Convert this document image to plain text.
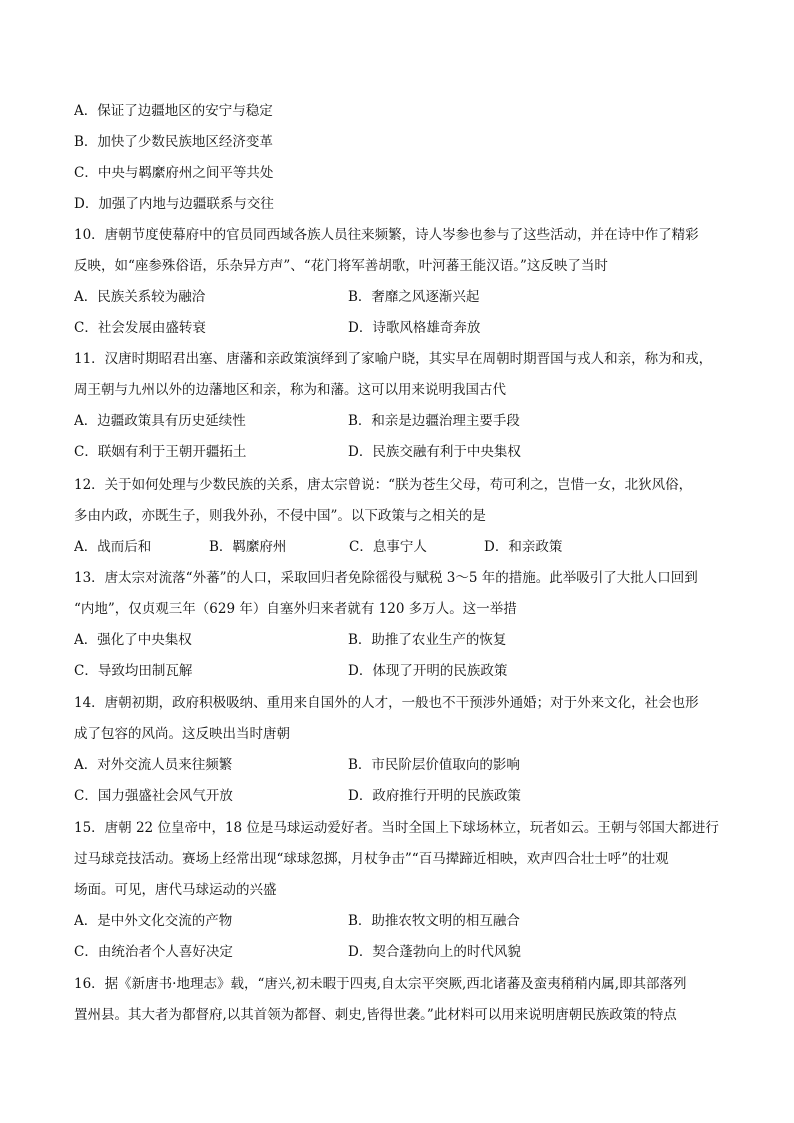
A．保证了边疆地区的安宁与稳定
B．加快了少数民族地区经济变革
C．中央与羁縻府州之间平等共处
D．加强了内地与边疆联系与交往
10．唐朝节度使幕府中的官员同西域各族人员往来频繁，诗人岑参也参与了这些活动，并在诗中作了精彩
反映，如“座参殊俗语，乐杂异方声”、“花门将军善胡歌，叶河蕃王能汉语。”这反映了当时
A．民族关系较为融洽	B．奢靡之风逐渐兴起
C．社会发展由盛转衰	D．诗歌风格雄奇奔放
11．汉唐时期昭君出塞、唐藩和亲政策演绎到了家喻户晓，其实早在周朝时期晋国与戎人和亲，称为和戎，
周王朝与九州以外的边藩地区和亲，称为和藩。这可以用来说明我国古代
A．边疆政策具有历史延续性	B．和亲是边疆治理主要手段
C．联姻有利于王朝开疆拓土	D．民族交融有利于中央集权
12．关于如何处理与少数民族的关系，唐太宗曾说：“朕为苍生父母，苟可利之，岂惜一女，北狄风俗，
多由内政，亦既生子，则我外孙，不侵中国”。以下政策与之相关的是
A．战而后和	B．羁縻府州	C．息事宁人	D．和亲政策
13．唐太宗对流落“外蕃”的人口，采取回归者免除徭役与赋税 3～5 年的措施。此举吸引了大批人口回到
“内地”，仅贞观三年（629 年）自塞外归来者就有 120 多万人。这一举措
A．强化了中央集权	B．助推了农业生产的恢复
C．导致均田制瓦解	D．体现了开明的民族政策
14．唐朝初期，政府积极吸纳、重用来自国外的人才，一般也不干预涉外通婚；对于外来文化，社会也形
成了包容的风尚。这反映出当时唐朝
A．对外交流人员来往频繁	B．市民阶层价值取向的影响
C．国力强盛社会风气开放	D．政府推行开明的民族政策
15．唐朝 22 位皇帝中，18 位是马球运动爱好者。当时全国上下球场林立，玩者如云。王朝与邻国大都进行
过马球竞技活动。赛场上经常出现“球球忽掷，月杖争击”“百马撵蹄近相映，欢声四合壮士呼”的壮观
场面。可见，唐代马球运动的兴盛
A．是中外文化交流的产物	B．助推农牧文明的相互融合
C．由统治者个人喜好决定	D．契合蓬勃向上的时代风貌
16．据《新唐书·地理志》载，“唐兴,初未暇于四夷,自太宗平突厥,西北诸蕃及蛮夷稍稍内属,即其部落列
置州县。其大者为都督府,以其首领为都督、刺史,皆得世袭。”此材料可以用来说明唐朝民族政策的特点
